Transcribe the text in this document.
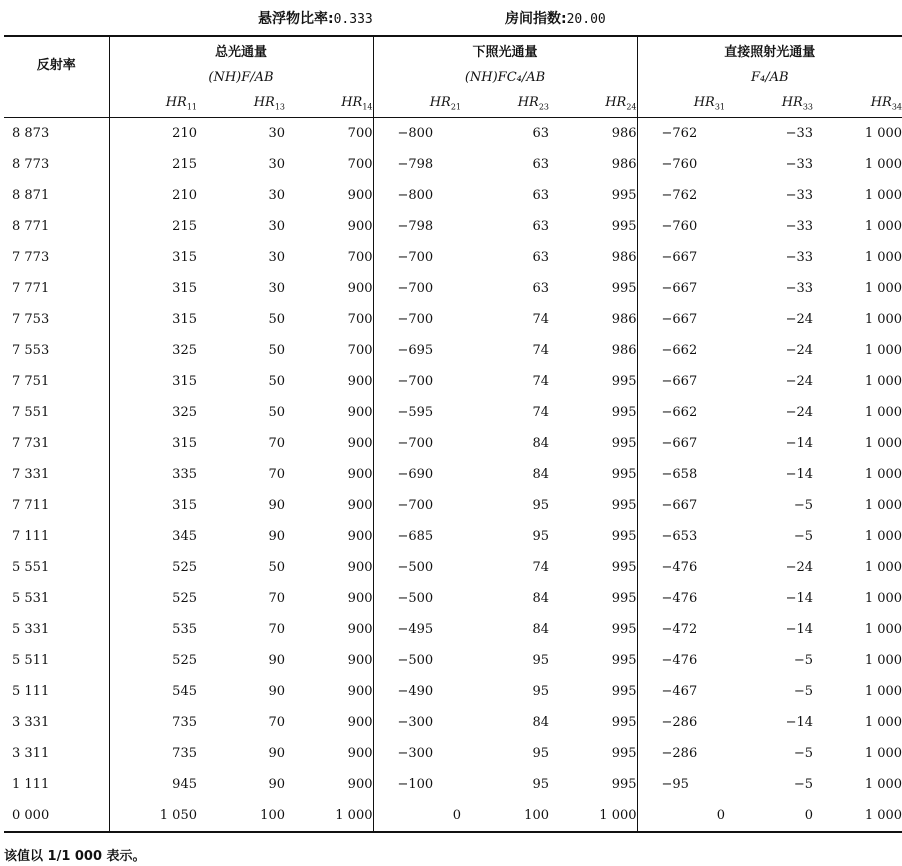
悬浮物比率:0.333	房间指数:20.00
反射率	总光通量			下照光通量			直接照射光通量		
	(NH)F/AB			(NH)FC₄/AB			F₄/AB		
	$HR_{11}$	$HR_{13}$	$HR_{14}$	$HR_{21}$	$HR_{23}$	$HR_{24}$	$HR_{31}$	$HR_{33}$	$HR_{34}$
8 873	210	30	700	−800	63	986	−762	−33	1 000
8 773	215	30	700	−798	63	986	−760	−33	1 000
8 871	210	30	900	−800	63	995	−762	−33	1 000
8 771	215	30	900	−798	63	995	−760	−33	1 000
7 773	315	30	700	−700	63	986	−667	−33	1 000
7 771	315	30	900	−700	63	995	−667	−33	1 000
7 753	315	50	700	−700	74	986	−667	−24	1 000
7 553	325	50	700	−695	74	986	−662	−24	1 000
7 751	315	50	900	−700	74	995	−667	−24	1 000
7 551	325	50	900	−595	74	995	−662	−24	1 000
7 731	315	70	900	−700	84	995	−667	−14	1 000
7 331	335	70	900	−690	84	995	−658	−14	1 000
7 711	315	90	900	−700	95	995	−667	−5	1 000
7 111	345	90	900	−685	95	995	−653	−5	1 000
5 551	525	50	900	−500	74	995	−476	−24	1 000
5 531	525	70	900	−500	84	995	−476	−14	1 000
5 331	535	70	900	−495	84	995	−472	−14	1 000
5 511	525	90	900	−500	95	995	−476	−5	1 000
5 111	545	90	900	−490	95	995	−467	−5	1 000
3 331	735	70	900	−300	84	995	−286	−14	1 000
3 311	735	90	900	−300	95	995	−286	−5	1 000
1 111	945	90	900	−100	95	995	−95	−5	1 000
0 000	1 050	100	1 000	0	100	1 000	0	0	1 000
该值以 1/1 000 表示。
